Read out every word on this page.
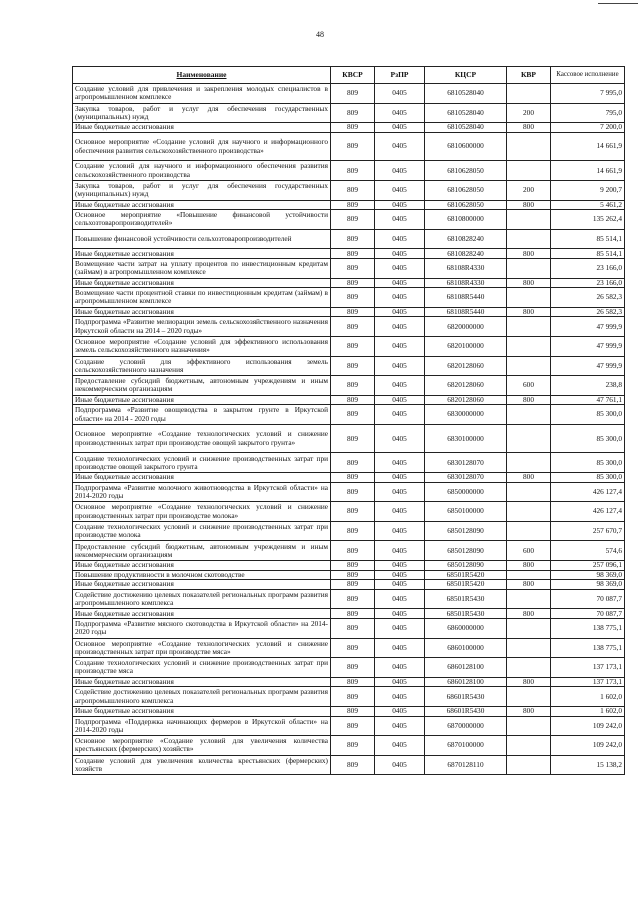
48
Наименование	КВСР	РзПР	КЦСР	КВР	Кассовое исполнение
Создание условий для привлечения и закрепления молодых специалистов в агропромышленном комплексе	809	0405	6810528040		7 995,0
Закупка товаров, работ и услуг для обеспечения государственных (муниципальных) нужд	809	0405	6810528040	200	795,0
Иные бюджетные ассигнования	809	0405	6810528040	800	7 200,0
Основное мероприятие «Создание условий для научного и информационного обеспечения развития сельскохозяйственного производства»	809	0405	6810600000		14 661,9
Создание условий для научного и информационного обеспечения развития сельскохозяйственного производства	809	0405	6810628050		14 661,9
Закупка товаров, работ и услуг для обеспечения государственных (муниципальных) нужд	809	0405	6810628050	200	9 200,7
Иные бюджетные ассигнования	809	0405	6810628050	800	5 461,2
Основное мероприятие «Повышение финансовой устойчивости сельхозтоваропроизводителей»	809	0405	6810800000		135 262,4
Повышение финансовой устойчивости сельхозтоваропроизводителей	809	0405	6810828240		85 514,1
Иные бюджетные ассигнования	809	0405	6810828240	800	85 514,1
Возмещение части затрат на уплату процентов по инвестиционным кредитам (займам) в агропромышленном комплексе	809	0405	68108R4330		23 166,0
Иные бюджетные ассигнования	809	0405	68108R4330	800	23 166,0
Возмещение части процентной ставки по инвестиционным кредитам (займам) в агропромышленном комплексе	809	0405	68108R5440		26 582,3
Иные бюджетные ассигнования	809	0405	68108R5440	800	26 582,3
Подпрограмма «Развитие мелиорации земель сельскохозяйственного назначения Иркутской области на 2014 – 2020 годы»	809	0405	6820000000		47 999,9
Основное мероприятие «Создание условий для эффективного использования земель сельскохозяйственного назначения»	809	0405	6820100000		47 999,9
Создание условий для эффективного использования земель сельскохозяйственного назначения	809	0405	6820128060		47 999,9
Предоставление субсидий бюджетным, автономным учреждениям и иным некоммерческим организациям	809	0405	6820128060	600	238,8
Иные бюджетные ассигнования	809	0405	6820128060	800	47 761,1
Подпрограмма «Развитие овощеводства в закрытом грунте в Иркутской области» на 2014 - 2020 годы	809	0405	6830000000		85 300,0
Основное мероприятие «Создание технологических условий и снижение производственных затрат при производстве овощей закрытого грунта»	809	0405	6830100000		85 300,0
Создание технологических условий и снижение производственных затрат при производстве овощей закрытого грунта	809	0405	6830128070		85 300,0
Иные бюджетные ассигнования	809	0405	6830128070	800	85 300,0
Подпрограмма «Развитие молочного животноводства в Иркутской области» на 2014-2020 годы	809	0405	6850000000		426 127,4
Основное мероприятие «Создание технологических условий и снижение производственных затрат при производстве молока»	809	0405	6850100000		426 127,4
Создание технологических условий и снижение производственных затрат при производстве молока	809	0405	6850128090		257 670,7
Предоставление субсидий бюджетным, автономным учреждениям и иным некоммерческим организациям	809	0405	6850128090	600	574,6
Иные бюджетные ассигнования	809	0405	6850128090	800	257 096,1
Повышение продуктивности в молочном скотоводстве	809	0405	68501R5420		98 369,0
Иные бюджетные ассигнования	809	0405	68501R5420	800	98 369,0
Содействие достижению целевых показателей региональных программ развития агропромышленного комплекса	809	0405	68501R5430		70 087,7
Иные бюджетные ассигнования	809	0405	68501R5430	800	70 087,7
Подпрограмма «Развитие мясного скотоводства в Иркутской области» на 2014-2020 годы	809	0405	6860000000		138 775,1
Основное мероприятие «Создание технологических условий и снижение производственных затрат при производстве мяса»	809	0405	6860100000		138 775,1
Создание технологических условий и снижение производственных затрат при производстве мяса	809	0405	6860128100		137 173,1
Иные бюджетные ассигнования	809	0405	6860128100	800	137 173,1
Содействие достижению целевых показателей региональных программ развития агропромышленного комплекса	809	0405	68601R5430		1 602,0
Иные бюджетные ассигнования	809	0405	68601R5430	800	1 602,0
Подпрограмма «Поддержка начинающих фермеров в Иркутской области» на 2014-2020 годы	809	0405	6870000000		109 242,0
Основное мероприятие «Создание условий для увеличения количества крестьянских (фермерских) хозяйств»	809	0405	6870100000		109 242,0
Создание условий для увеличения количества крестьянских (фермерских) хозяйств	809	0405	6870128110		15 138,2
